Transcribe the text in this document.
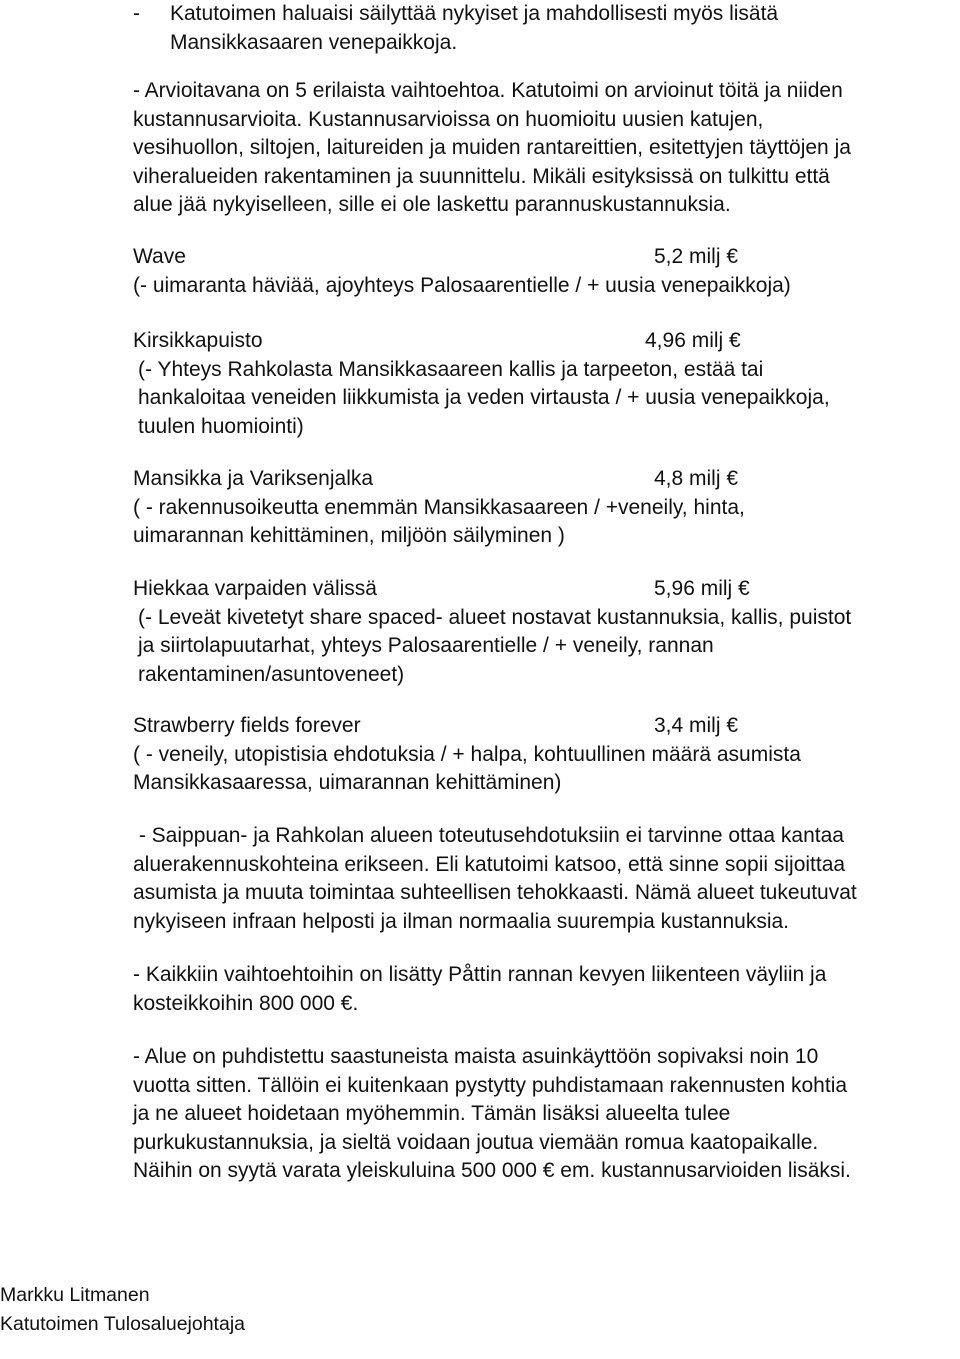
- Katutoimen haluaisi säilyttää nykyiset ja mahdollisesti myös lisätä

Mansikkasaaren venepaikkoja.

- Arvioitavana on 5 erilaista vaihtoehtoa. Katutoimi on arvioinut töitä ja niiden

kustannusarvioita. Kustannusarvioissa on huomioitu uusien katujen,

vesihuollon, siltojen, laitureiden ja muiden rantareittien, esitettyjen täyttöjen ja

viheralueiden rakentaminen ja suunnittelu. Mikäli esityksissä on tulkittu että

alue jää nykyiselleen, sille ei ole laskettu parannuskustannuksia.

Wave	5,2 milj €

(- uimaranta häviää, ajoyhteys Palosaarentielle / + uusia venepaikkoja)

Kirsikkapuisto	4,96 milj €

(- Yhteys Rahkolasta Mansikkasaareen kallis ja tarpeeton, estää tai

hankaloitaa veneiden liikkumista ja veden virtausta / + uusia venepaikkoja,

tuulen huomiointi)

Mansikka ja Variksenjalka	4,8 milj €

( - rakennusoikeutta enemmän Mansikkasaareen / +veneily, hinta,

uimarannan kehittäminen, miljöön säilyminen )

Hiekkaa varpaiden välissä	5,96 milj €

(- Leveät kivetetyt share spaced- alueet nostavat kustannuksia, kallis, puistot

ja siirtolapuutarhat, yhteys Palosaarentielle / + veneily, rannan

rakentaminen/asuntoveneet)

Strawberry fields forever	3,4 milj €

( - veneily, utopistisia ehdotuksia / + halpa, kohtuullinen määrä asumista

Mansikkasaaressa, uimarannan kehittäminen)

- Saippuan- ja Rahkolan alueen toteutusehdotuksiin ei tarvinne ottaa kantaa

aluerakennuskohteina erikseen. Eli katutoimi katsoo, että sinne sopii sijoittaa

asumista ja muuta toimintaa suhteellisen tehokkaasti. Nämä alueet tukeutuvat

nykyiseen infraan helposti ja ilman normaalia suurempia kustannuksia.

- Kaikkiin vaihtoehtoihin on lisätty Påttin rannan kevyen liikenteen väyliin ja

kosteikkoihin 800 000 €.

- Alue on puhdistettu saastuneista maista asuinkäyttöön sopivaksi noin 10

vuotta sitten. Tällöin ei kuitenkaan pystytty puhdistamaan rakennusten kohtia

ja ne alueet hoidetaan myöhemmin. Tämän lisäksi alueelta tulee

purkukustannuksia, ja sieltä voidaan joutua viemään romua kaatopaikalle.

Näihin on syytä varata yleiskuluina 500 000 € em. kustannusarvioiden lisäksi.

Markku Litmanen

Katutoimen Tulosaluejohtaja
